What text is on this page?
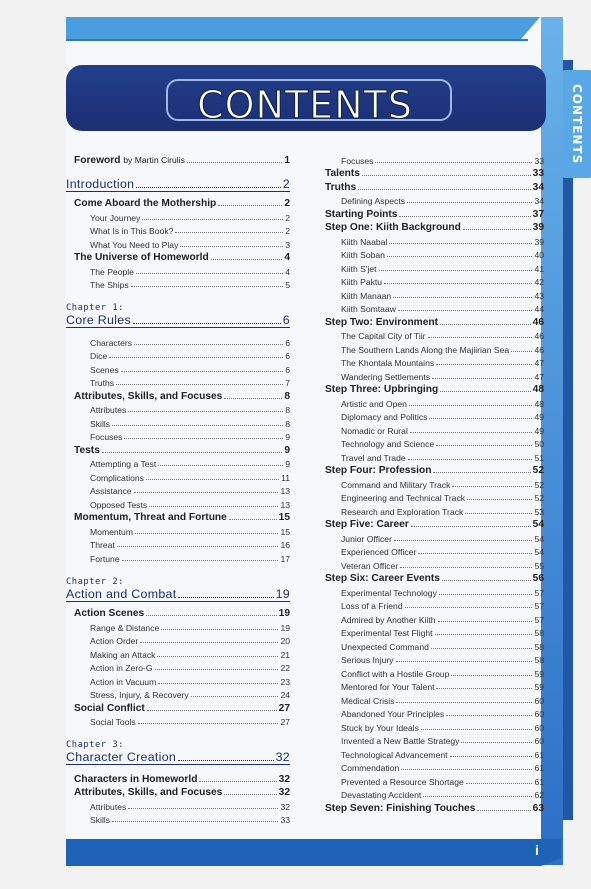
CONTENTS
CONTENTS
Foreword by Martin Cirulis	1
Introduction	2
Come Aboard the Mothership	2
Your Journey	2
What Is in This Book?	2
What You Need to Play	3
The Universe of Homeworld	4
The People	4
The Ships	5
Chapter 1:
Core Rules	6
Characters	6
Dice	6
Scenes	6
Truths	7
Attributes, Skills, and Focuses	8
Attributes	8
Skills	8
Focuses	9
Tests	9
Attempting a Test	9
Complications	11
Assistance	13
Opposed Tests	13
Momentum, Threat and Fortune	15
Momentum	15
Threat	16
Fortune	17
Chapter 2:
Action and Combat	19
Action Scenes	19
Range & Distance	19
Action Order	20
Making an Attack	21
Action in Zero-G	22
Action in Vacuum	23
Stress, Injury, & Recovery	24
Social Conflict	27
Social Tools	27
Chapter 3:
Character Creation	32
Characters in Homeworld	32
Attributes, Skills, and Focuses	32
Attributes	32
Skills	33
Focuses	33
Talents	33
Truths	34
Defining Aspects	34
Starting Points	37
Step One: Kiith Background	39
Kiith Naabal	39
Kiith Soban	40
Kiith S'jet	41
Kiith Paktu	42
Kiith Manaan	43
Kiith Somtaaw	44
Step Two: Environment	46
The Capital City of Tiir	46
The Southern Lands Along the Majiirian Sea	46
The Khontala Mountains	47
Wandering Settlements	47
Step Three: Upbringing	48
Artistic and Open	48
Diplomacy and Politics	49
Nomadic or Rural	49
Technology and Science	50
Travel and Trade	51
Step Four: Profession	52
Command and Military Track	52
Engineering and Technical Track	52
Research and Exploration Track	53
Step Five: Career	54
Junior Officer	54
Experienced Officer	54
Veteran Officer	55
Step Six: Career Events	56
Experimental Technology	57
Loss of a Friend	57
Admired by Another Kiith	57
Experimental Test Flight	58
Unexpected Command	58
Serious Injury	58
Conflict with a Hostile Group	59
Mentored for Your Talent	59
Medical Crisis	60
Abandoned Your Principles	60
Stuck by Your Ideals	60
Invented a New Battle Strategy	60
Technological Advancement	61
Commendation	61
Prevented a Resource Shortage	61
Devastating Accident	62
Step Seven: Finishing Touches	63
i
